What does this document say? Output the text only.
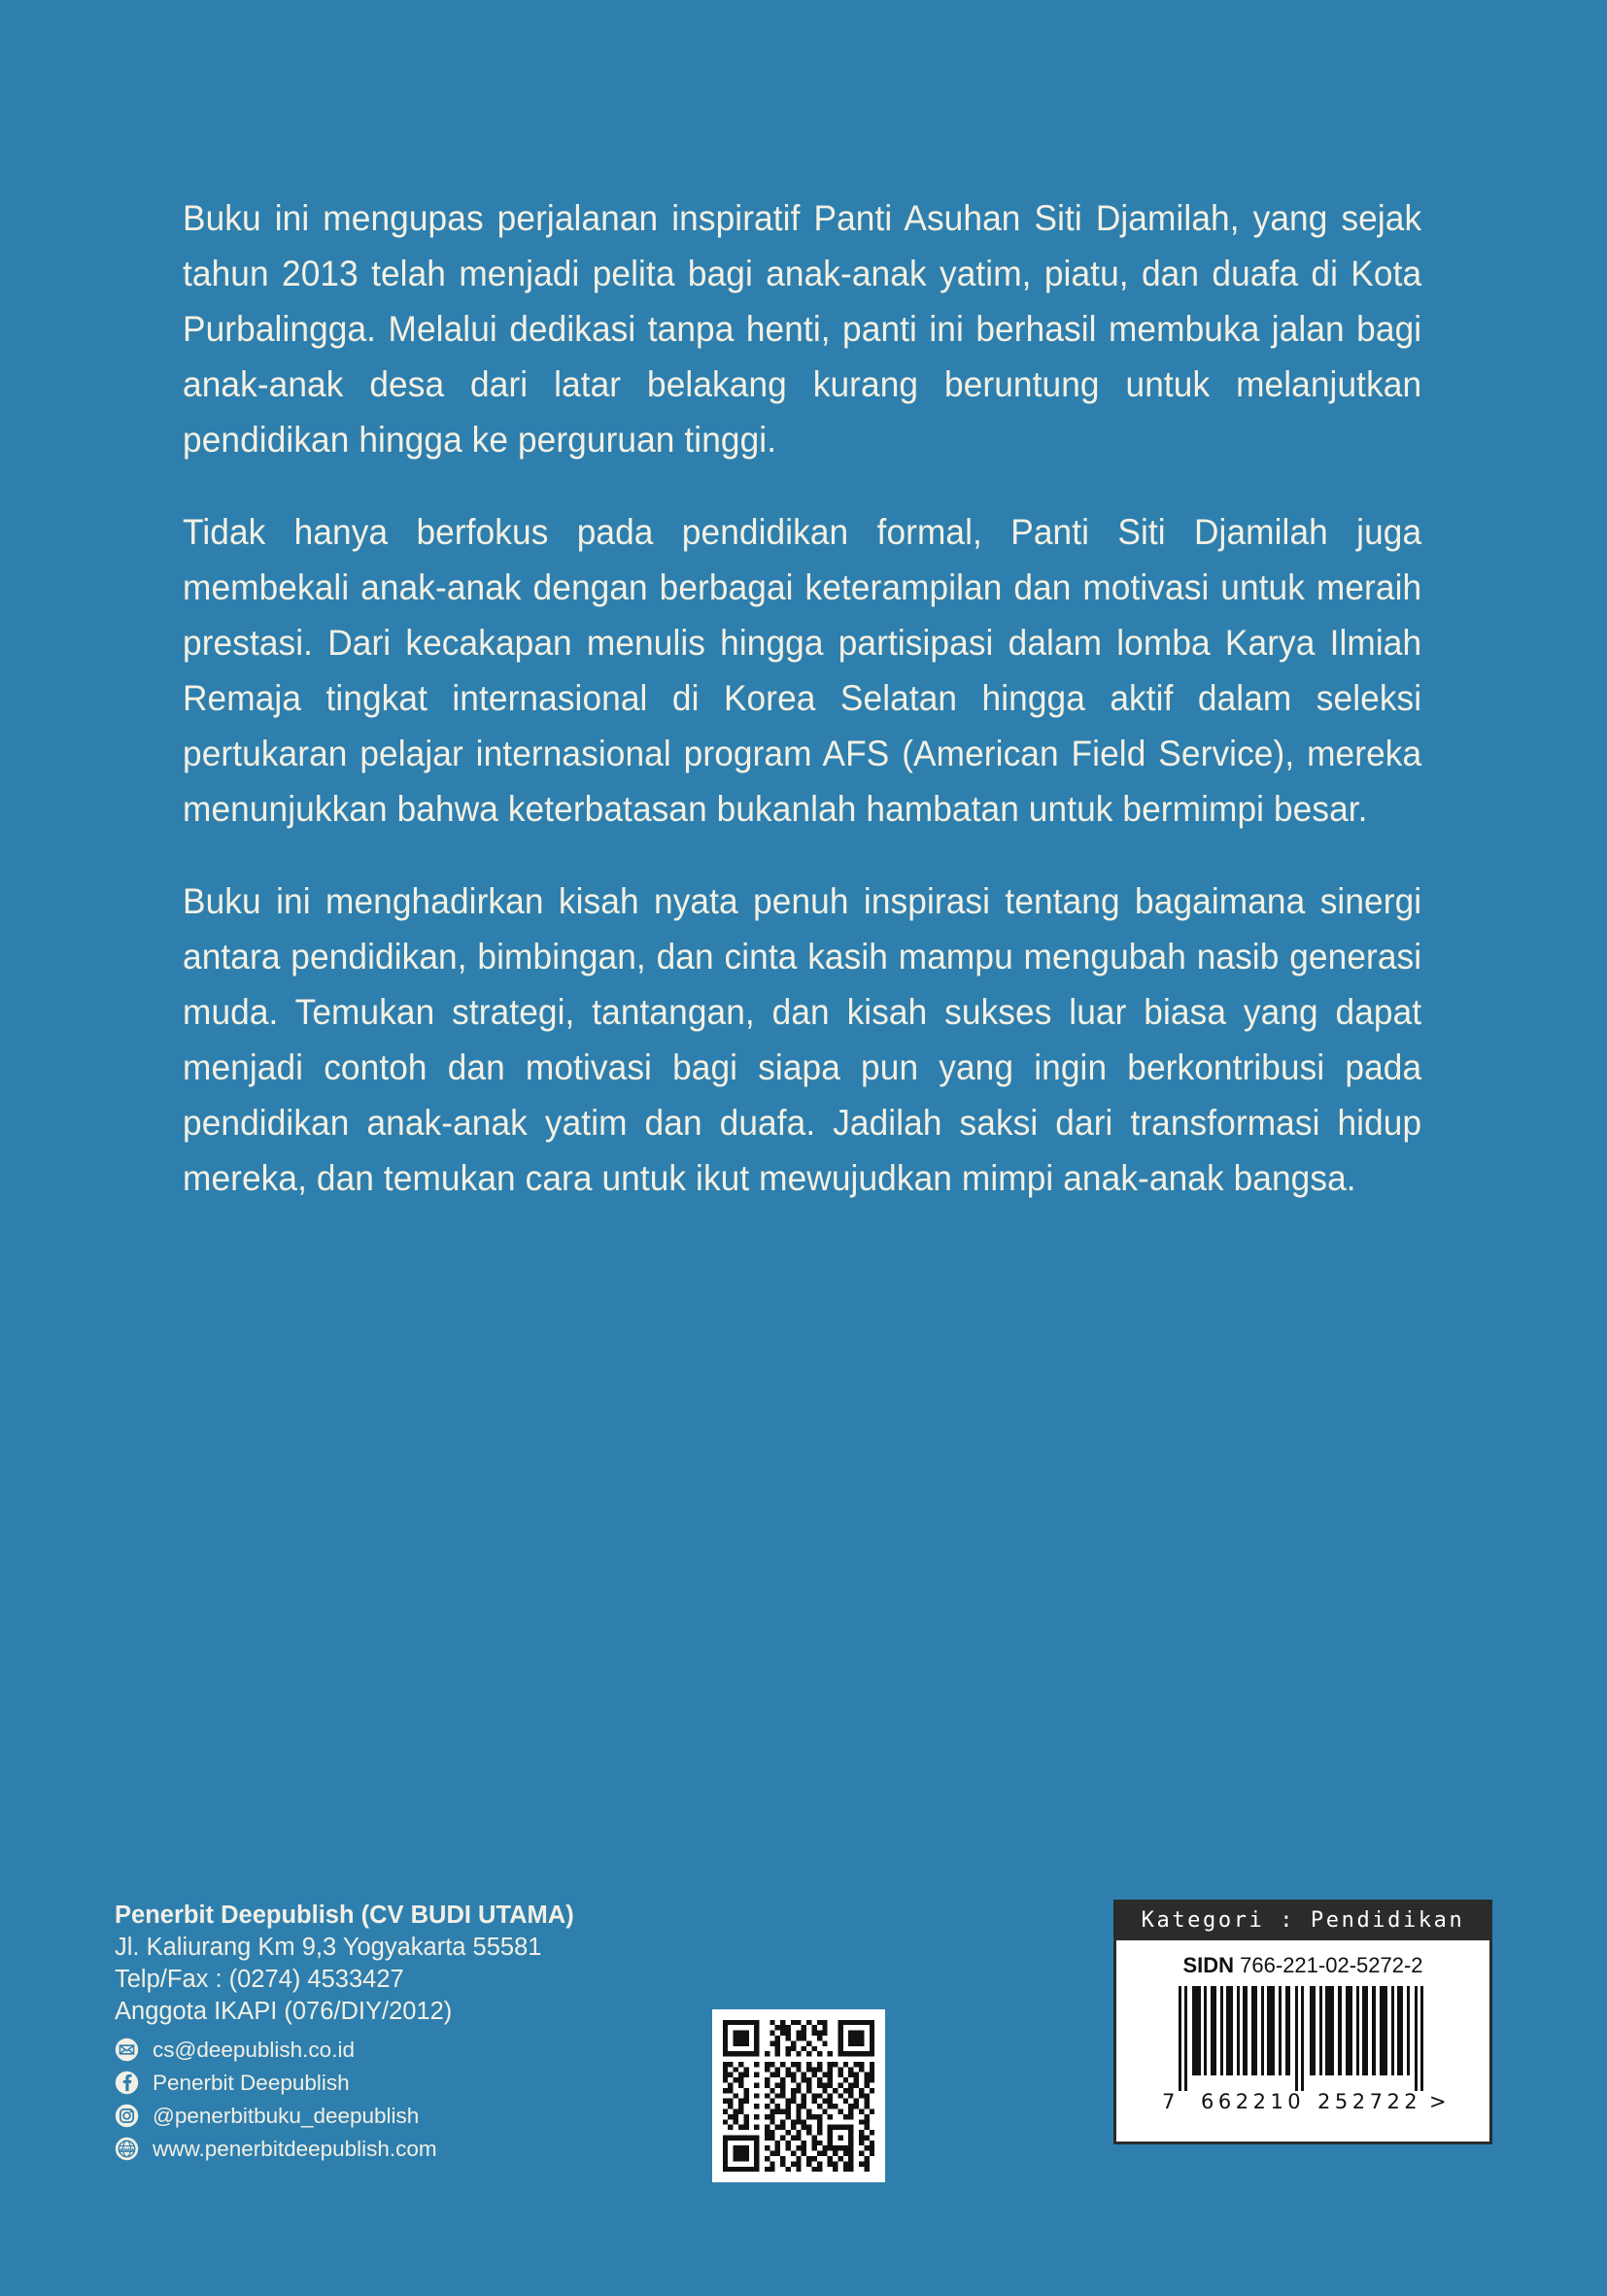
Buku ini mengupas perjalanan inspiratif Panti Asuhan Siti Djamilah, yang sejak tahun 2013 telah menjadi pelita bagi anak-anak yatim, piatu, dan duafa di Kota Purbalingga. Melalui dedikasi tanpa henti, panti ini berhasil membuka jalan bagi anak-anak desa dari latar belakang kurang beruntung untuk melanjutkan pendidikan hingga ke perguruan tinggi.

Tidak hanya berfokus pada pendidikan formal, Panti Siti Djamilah juga membekali anak-anak dengan berbagai keterampilan dan motivasi untuk meraih prestasi. Dari kecakapan menulis hingga partisipasi dalam lomba Karya Ilmiah Remaja tingkat internasional di Korea Selatan hingga aktif dalam seleksi pertukaran pelajar internasional program AFS (American Field Service), mereka menunjukkan bahwa keterbatasan bukanlah hambatan untuk bermimpi besar.

Buku ini menghadirkan kisah nyata penuh inspirasi tentang bagaimana sinergi antara pendidikan, bimbingan, dan cinta kasih mampu mengubah nasib generasi muda. Temukan strategi, tantangan, dan kisah sukses luar biasa yang dapat menjadi contoh dan motivasi bagi siapa pun yang ingin berkontribusi pada pendidikan anak-anak yatim dan duafa. Jadilah saksi dari transformasi hidup mereka, dan temukan cara untuk ikut mewujudkan mimpi anak-anak bangsa.

Penerbit Deepublish (CV BUDI UTAMA)
Jl. Kaliurang Km 9,3 Yogyakarta 55581
Telp/Fax : (0274) 4533427
Anggota IKAPI (076/DIY/2012)
cs@deepublish.co.id
Penerbit Deepublish
@penerbitbuku_deepublish
www www.penerbitdeepublish.com
Kategori : Pendidikan
SIDN 766-221-02-5272-2
7 662210 252722 >
